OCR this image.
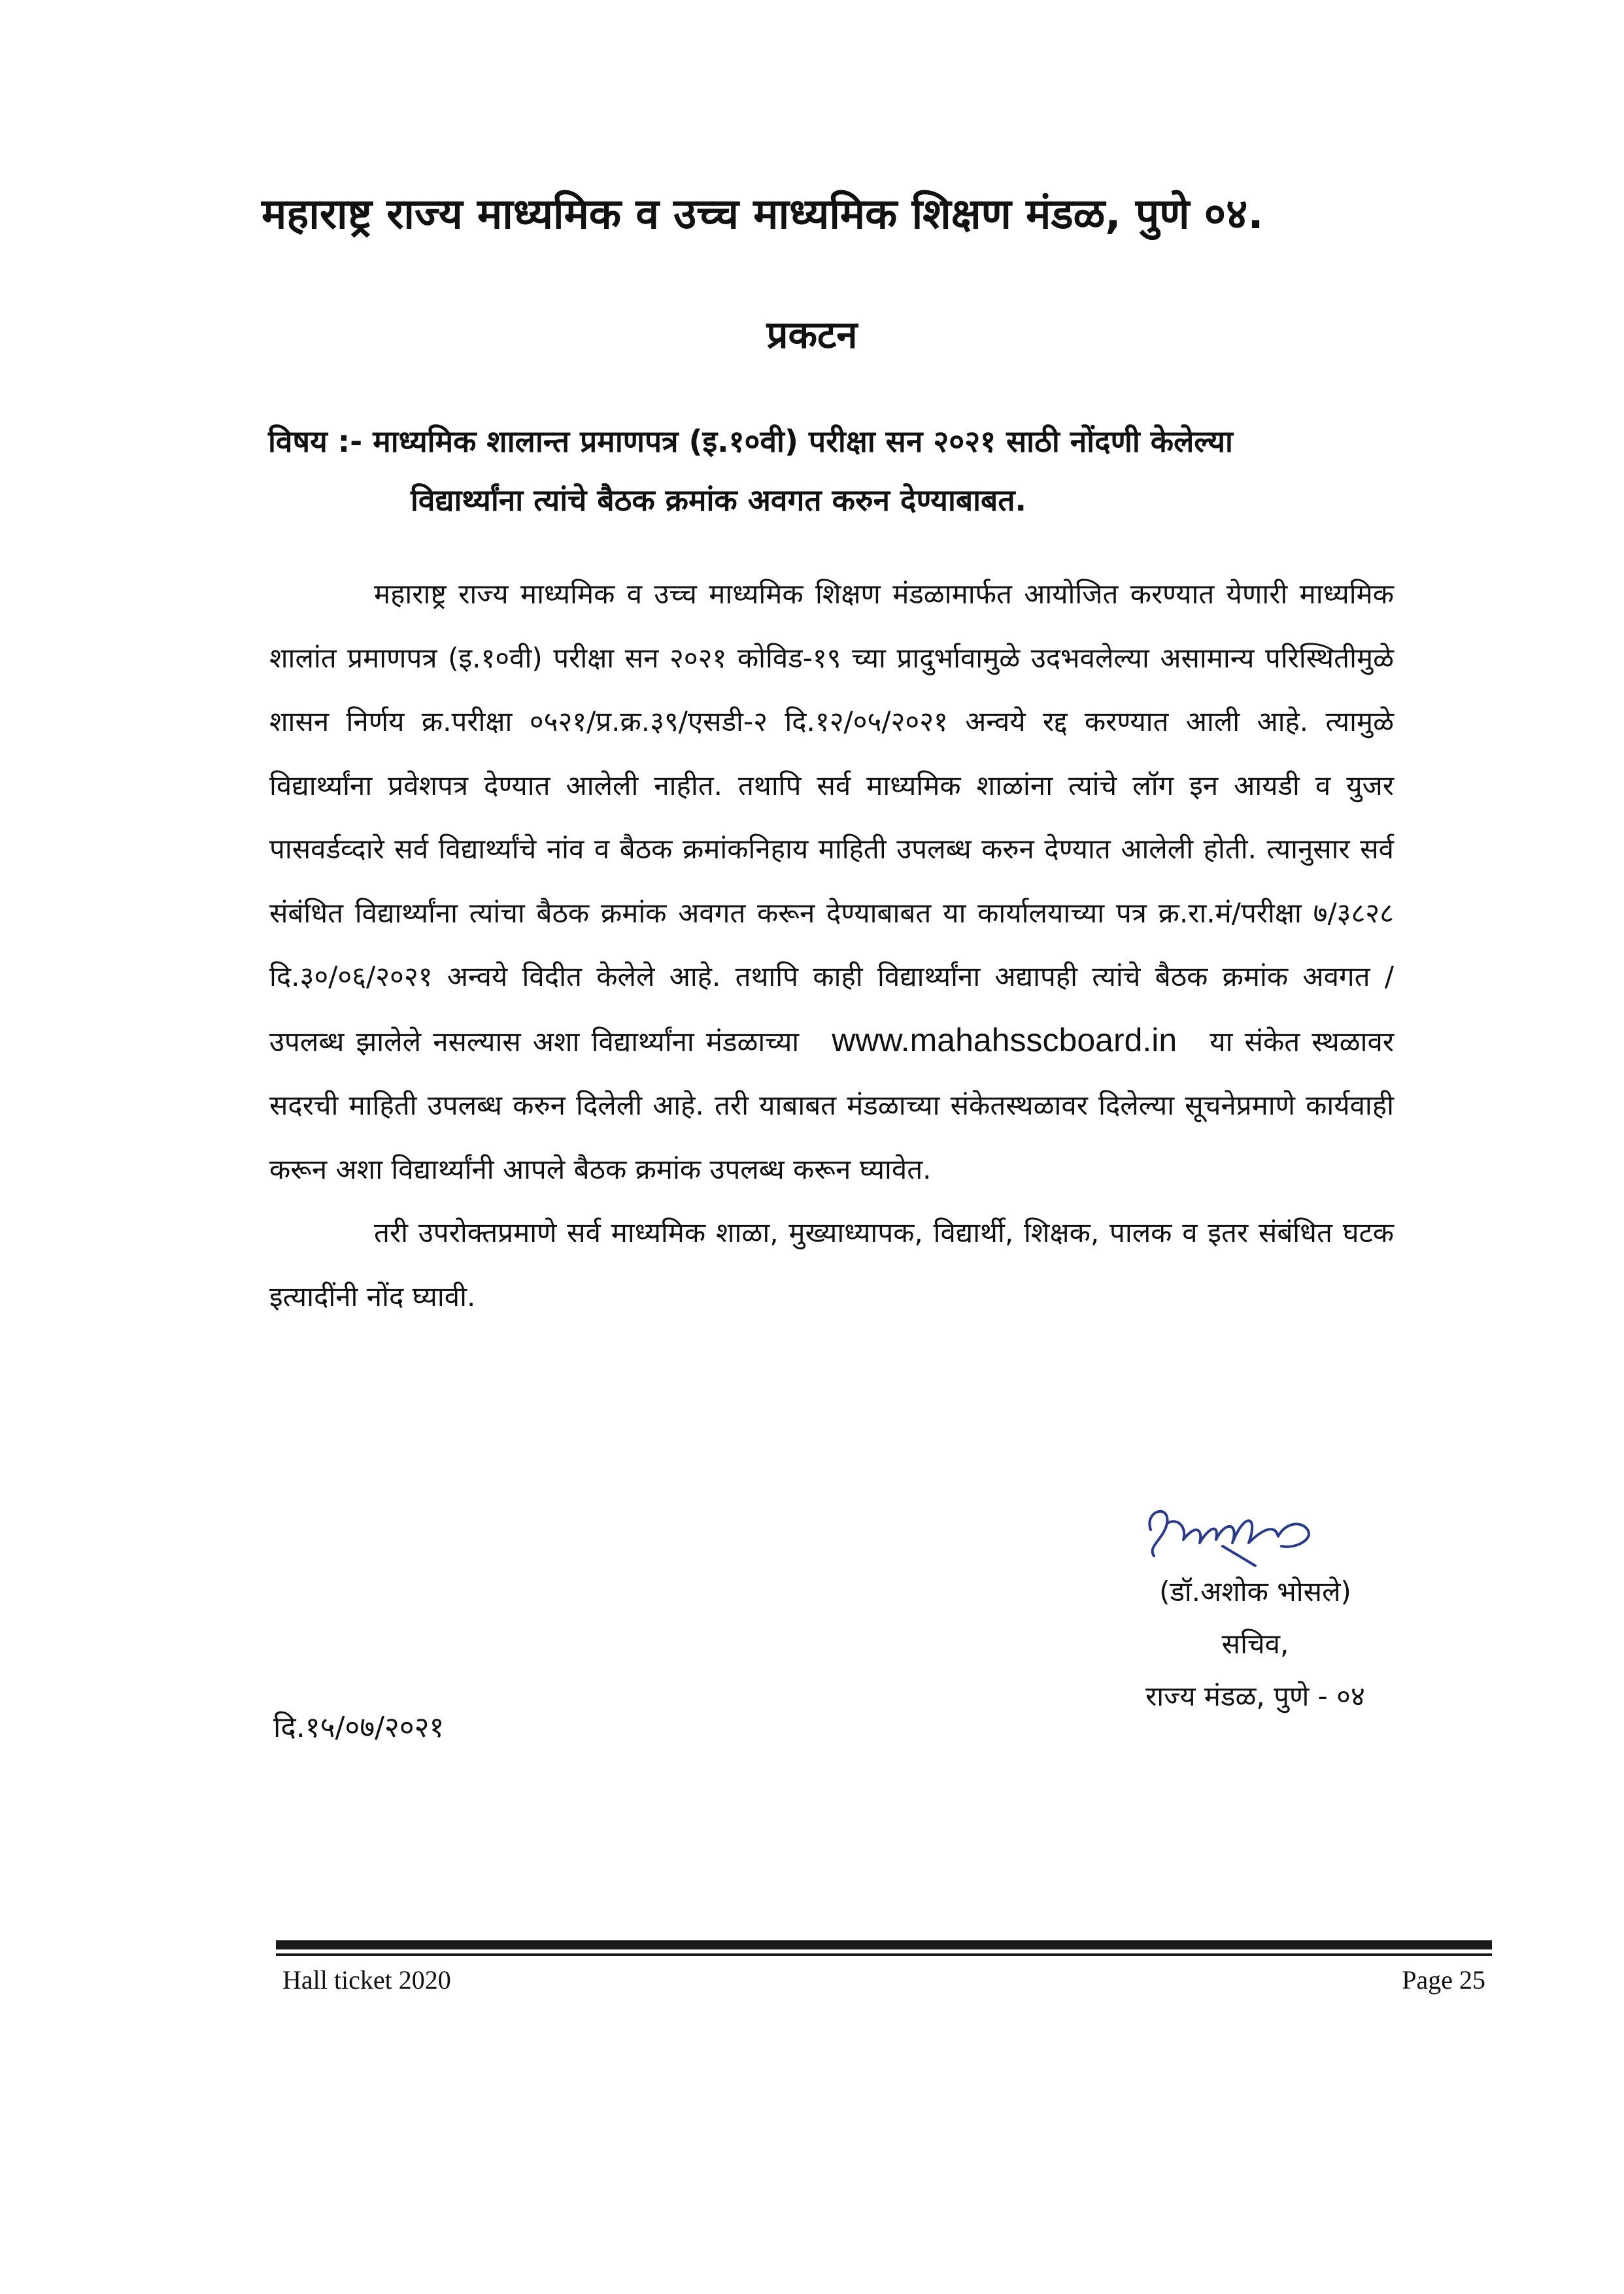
महाराष्ट्र राज्य माध्यमिक व उच्च माध्यमिक शिक्षण मंडळ, पुणे ०४.
प्रकटन
विषय :- माध्यमिक शालान्त प्रमाणपत्र (इ.१०वी) परीक्षा सन २०२१ साठी नोंदणी केलेल्या
विद्यार्थ्यांना त्यांचे बैठक क्रमांक अवगत करुन देण्याबाबत.

महाराष्ट्र राज्य माध्यमिक व उच्च माध्यमिक शिक्षण मंडळामार्फत आयोजित करण्यात येणारी माध्यमिक शालांत प्रमाणपत्र (इ.१०वी) परीक्षा सन २०२१ कोविड-१९ च्या प्रादुर्भावामुळे उदभवलेल्या असामान्य परिस्थितीमुळे शासन निर्णय क्र.परीक्षा ०५२१/प्र.क्र.३९/एसडी-२ दि.१२/०५/२०२१ अन्वये रद्द करण्यात आली आहे. त्यामुळे विद्यार्थ्यांना प्रवेशपत्र देण्यात आलेली नाहीत. तथापि सर्व माध्यमिक शाळांना त्यांचे लॉग इन आयडी व युजर पासवर्डव्दारे सर्व विद्यार्थ्यांचे नांव व बैठक क्रमांकनिहाय माहिती उपलब्ध करुन देण्यात आलेली होती. त्यानुसार सर्व संबंधित विद्यार्थ्यांना त्यांचा बैठक क्रमांक अवगत करून देण्याबाबत या कार्यालयाच्या पत्र क्र.रा.मं/परीक्षा ७/३८२८ दि.३०/०६/२०२१ अन्वये विदीत केलेले आहे. तथापि काही विद्यार्थ्यांना अद्यापही त्यांचे बैठक क्रमांक अवगत / उपलब्ध झालेले नसल्यास अशा विद्यार्थ्यांना मंडळाच्या www.mahahsscboard.in या संकेत स्थळावर सदरची माहिती उपलब्ध करुन दिलेली आहे. तरी याबाबत मंडळाच्या संकेतस्थळावर दिलेल्या सूचनेप्रमाणे कार्यवाही करून अशा विद्यार्थ्यांनी आपले बैठक क्रमांक उपलब्ध करून घ्यावेत.

तरी उपरोक्तप्रमाणे सर्व माध्यमिक शाळा, मुख्याध्यापक, विद्यार्थी, शिक्षक, पालक व इतर संबंधित घटक इत्यादींनी नोंद घ्यावी.

(डॉ.अशोक भोसले)
सचिव,
राज्य मंडळ, पुणे - ०४
दि.१५/०७/२०२१
Hall ticket 2020	Page 25
